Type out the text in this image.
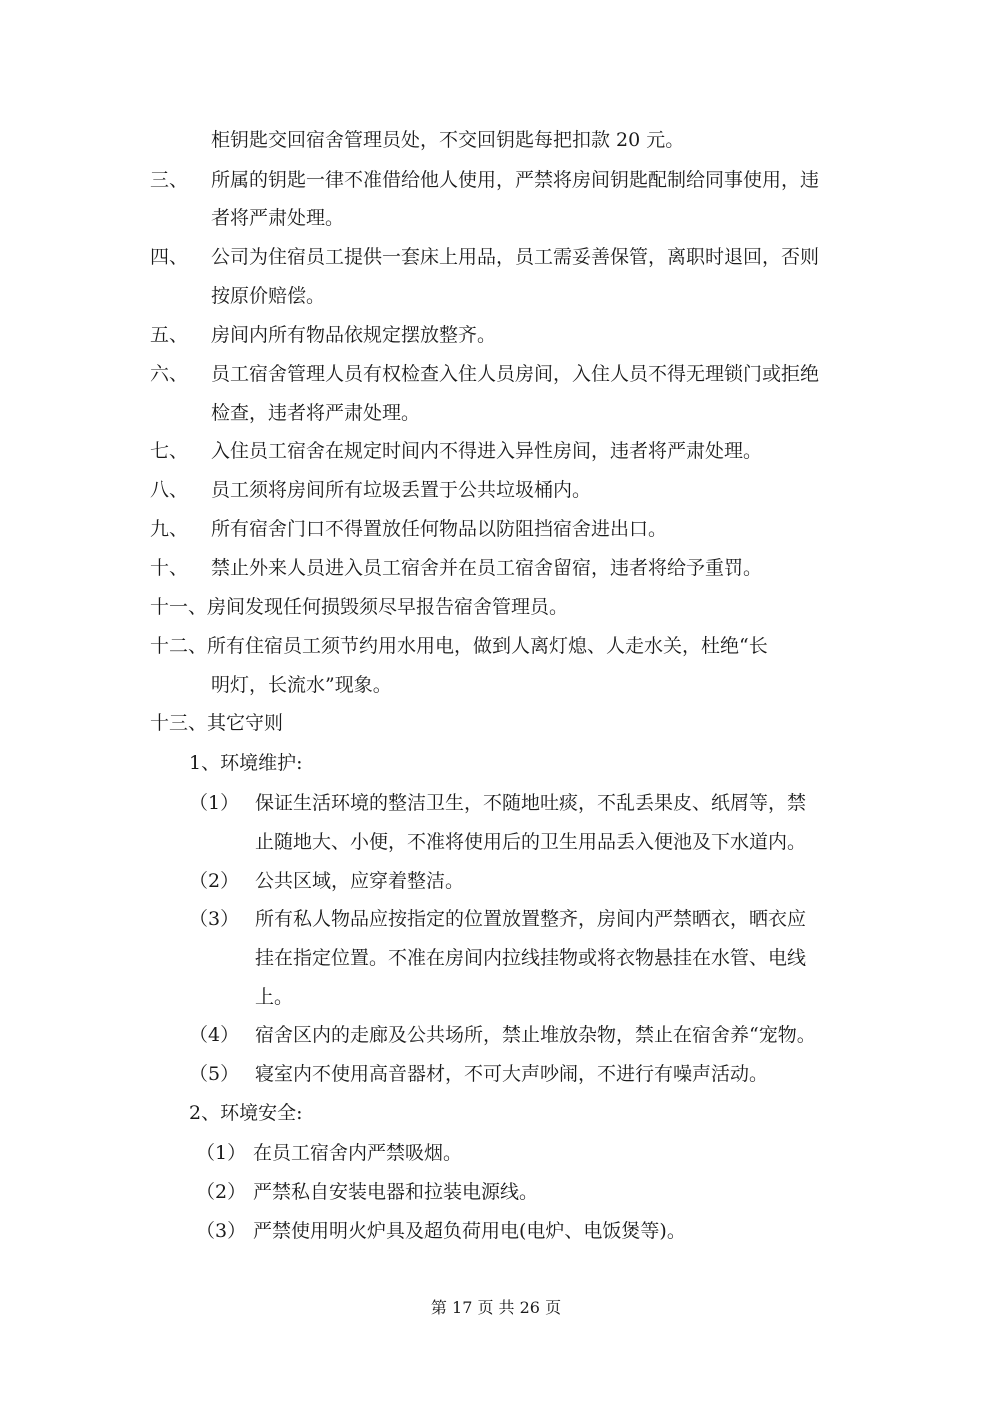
柜钥匙交回宿舍管理员处，不交回钥匙每把扣款 20 元。
三、 所属的钥匙一律不准借给他人使用，严禁将房间钥匙配制给同事使用，违
者将严肃处理。
四、 公司为住宿员工提供一套床上用品，员工需妥善保管，离职时退回，否则
按原价赔偿。
五、 房间内所有物品依规定摆放整齐。
六、 员工宿舍管理人员有权检查入住人员房间，入住人员不得无理锁门或拒绝
检查，违者将严肃处理。
七、 入住员工宿舍在规定时间内不得进入异性房间，违者将严肃处理。
八、 员工须将房间所有垃圾丢置于公共垃圾桶内。
九、 所有宿舍门口不得置放任何物品以防阻挡宿舍进出口。
十、 禁止外来人员进入员工宿舍并在员工宿舍留宿，违者将给予重罚。
十一、房间发现任何损毁须尽早报告宿舍管理员。
十二、所有住宿员工须节约用水用电，做到人离灯熄、人走水关，杜绝“长
明灯，长流水”现象。
十三、其它守则
1、环境维护:
（1） 保证生活环境的整洁卫生，不随地吐痰，不乱丢果皮、纸屑等，禁
止随地大、小便，不准将使用后的卫生用品丢入便池及下水道内。
（2） 公共区域，应穿着整洁。
（3） 所有私人物品应按指定的位置放置整齐，房间内严禁晒衣，晒衣应
挂在指定位置。不准在房间内拉线挂物或将衣物悬挂在水管、电线
上。
（4） 宿舍区内的走廊及公共场所，禁止堆放杂物，禁止在宿舍养“宠物。
（5） 寝室内不使用高音器材，不可大声吵闹，不进行有噪声活动。
2、环境安全:
（1） 在员工宿舍内严禁吸烟。
（2） 严禁私自安装电器和拉装电源线。
（3） 严禁使用明火炉具及超负荷用电(电炉、电饭煲等)。
第 17 页 共 26 页
